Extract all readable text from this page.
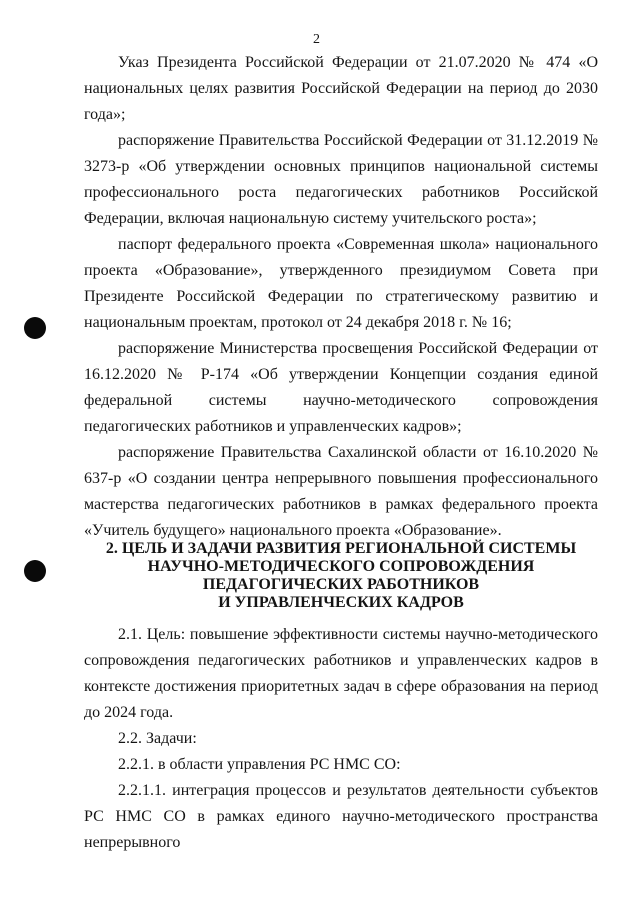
2

Указ Президента Российской Федерации от 21.07.2020 № 474 «О национальных целях развития Российской Федерации на период до 2030 года»;

распоряжение Правительства Российской Федерации от 31.12.2019 № 3273-р «Об утверждении основных принципов национальной системы профессионального роста педагогических работников Российской Федерации, включая национальную систему учительского роста»;

паспорт федерального проекта «Современная школа» национального проекта «Образование», утвержденного президиумом Совета при Президенте Российской Федерации по стратегическому развитию и национальным проектам, протокол от 24 декабря 2018 г. № 16;

распоряжение Министерства просвещения Российской Федерации от 16.12.2020 № Р-174 «Об утверждении Концепции создания единой федеральной системы научно-методического сопровождения педагогических работников и управленческих кадров»;

распоряжение Правительства Сахалинской области от 16.10.2020 № 637-р «О создании центра непрерывного повышения профессионального мастерства педагогических работников в рамках федерального проекта «Учитель будущего» национального проекта «Образование».

2. ЦЕЛЬ И ЗАДАЧИ РАЗВИТИЯ РЕГИОНАЛЬНОЙ СИСТЕМЫ
НАУЧНО-МЕТОДИЧЕСКОГО СОПРОВОЖДЕНИЯ
ПЕДАГОГИЧЕСКИХ РАБОТНИКОВ
И УПРАВЛЕНЧЕСКИХ КАДРОВ

2.1. Цель: повышение эффективности системы научно-методического сопровождения педагогических работников и управленческих кадров в контексте достижения приоритетных задач в сфере образования на период до 2024 года.

2.2. Задачи:

2.2.1. в области управления РС НМС СО:

2.2.1.1. интеграция процессов и результатов деятельности субъектов РС НМС СО в рамках единого научно-методического пространства непрерывного
